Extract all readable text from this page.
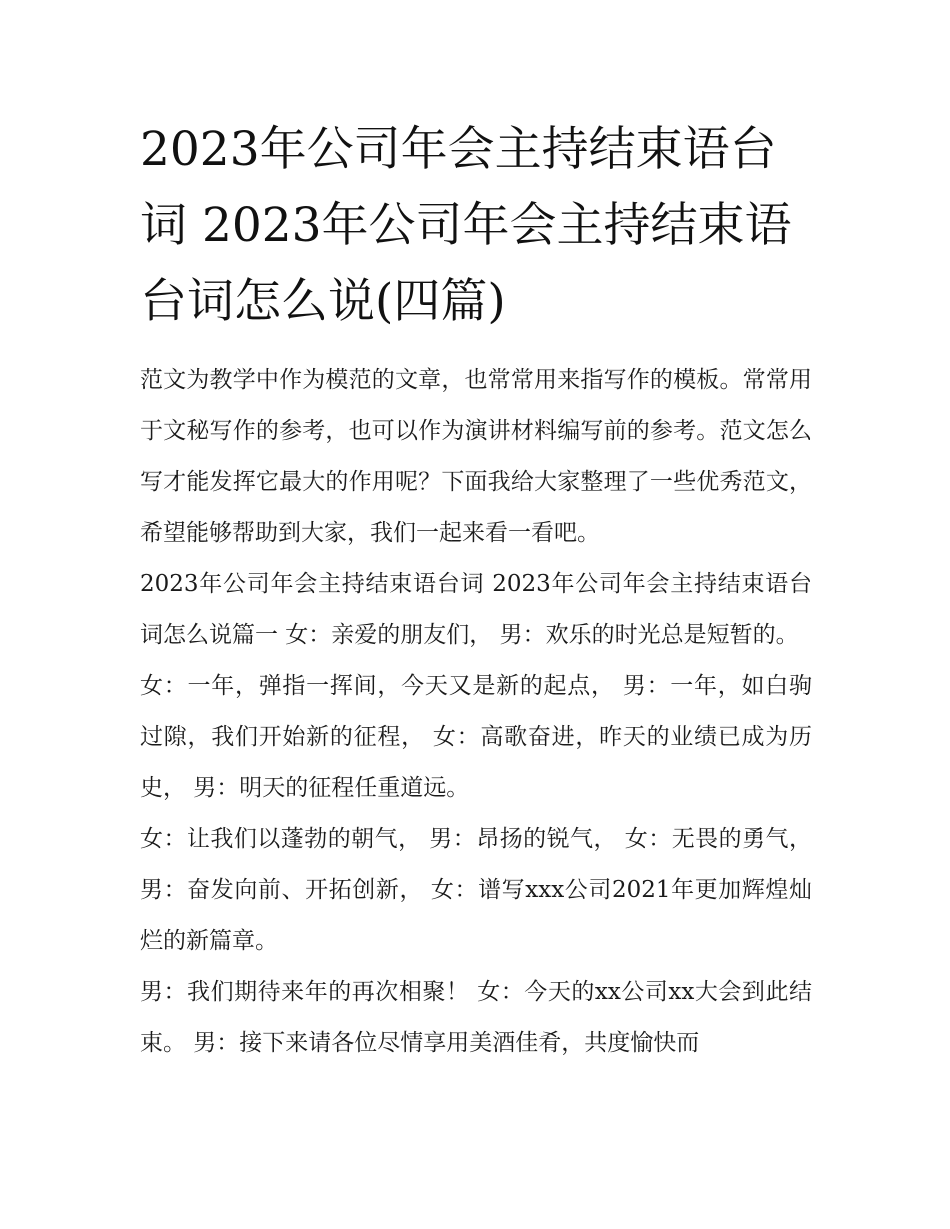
2023年公司年会主持结束语台词 2023年公司年会主持结束语台词怎么说(四篇)

范文为教学中作为模范的文章，也常常用来指写作的模板。常常用于文秘写作的参考，也可以作为演讲材料编写前的参考。范文怎么写才能发挥它最大的作用呢？下面我给大家整理了一些优秀范文，希望能够帮助到大家，我们一起来看一看吧。

2023年公司年会主持结束语台词 2023年公司年会主持结束语台词怎么说篇一 女：亲爱的朋友们， 男：欢乐的时光总是短暂的。

女：一年，弹指一挥间，今天又是新的起点， 男：一年，如白驹过隙，我们开始新的征程， 女：高歌奋进，昨天的业绩已成为历史， 男：明天的征程任重道远。

女：让我们以蓬勃的朝气， 男：昂扬的锐气， 女：无畏的勇气， 男：奋发向前、开拓创新， 女：谱写xxx公司2021年更加辉煌灿烂的新篇章。

男：我们期待来年的再次相聚！ 女：今天的xx公司xx大会到此结束。 男：接下来请各位尽情享用美酒佳肴，共度愉快而
